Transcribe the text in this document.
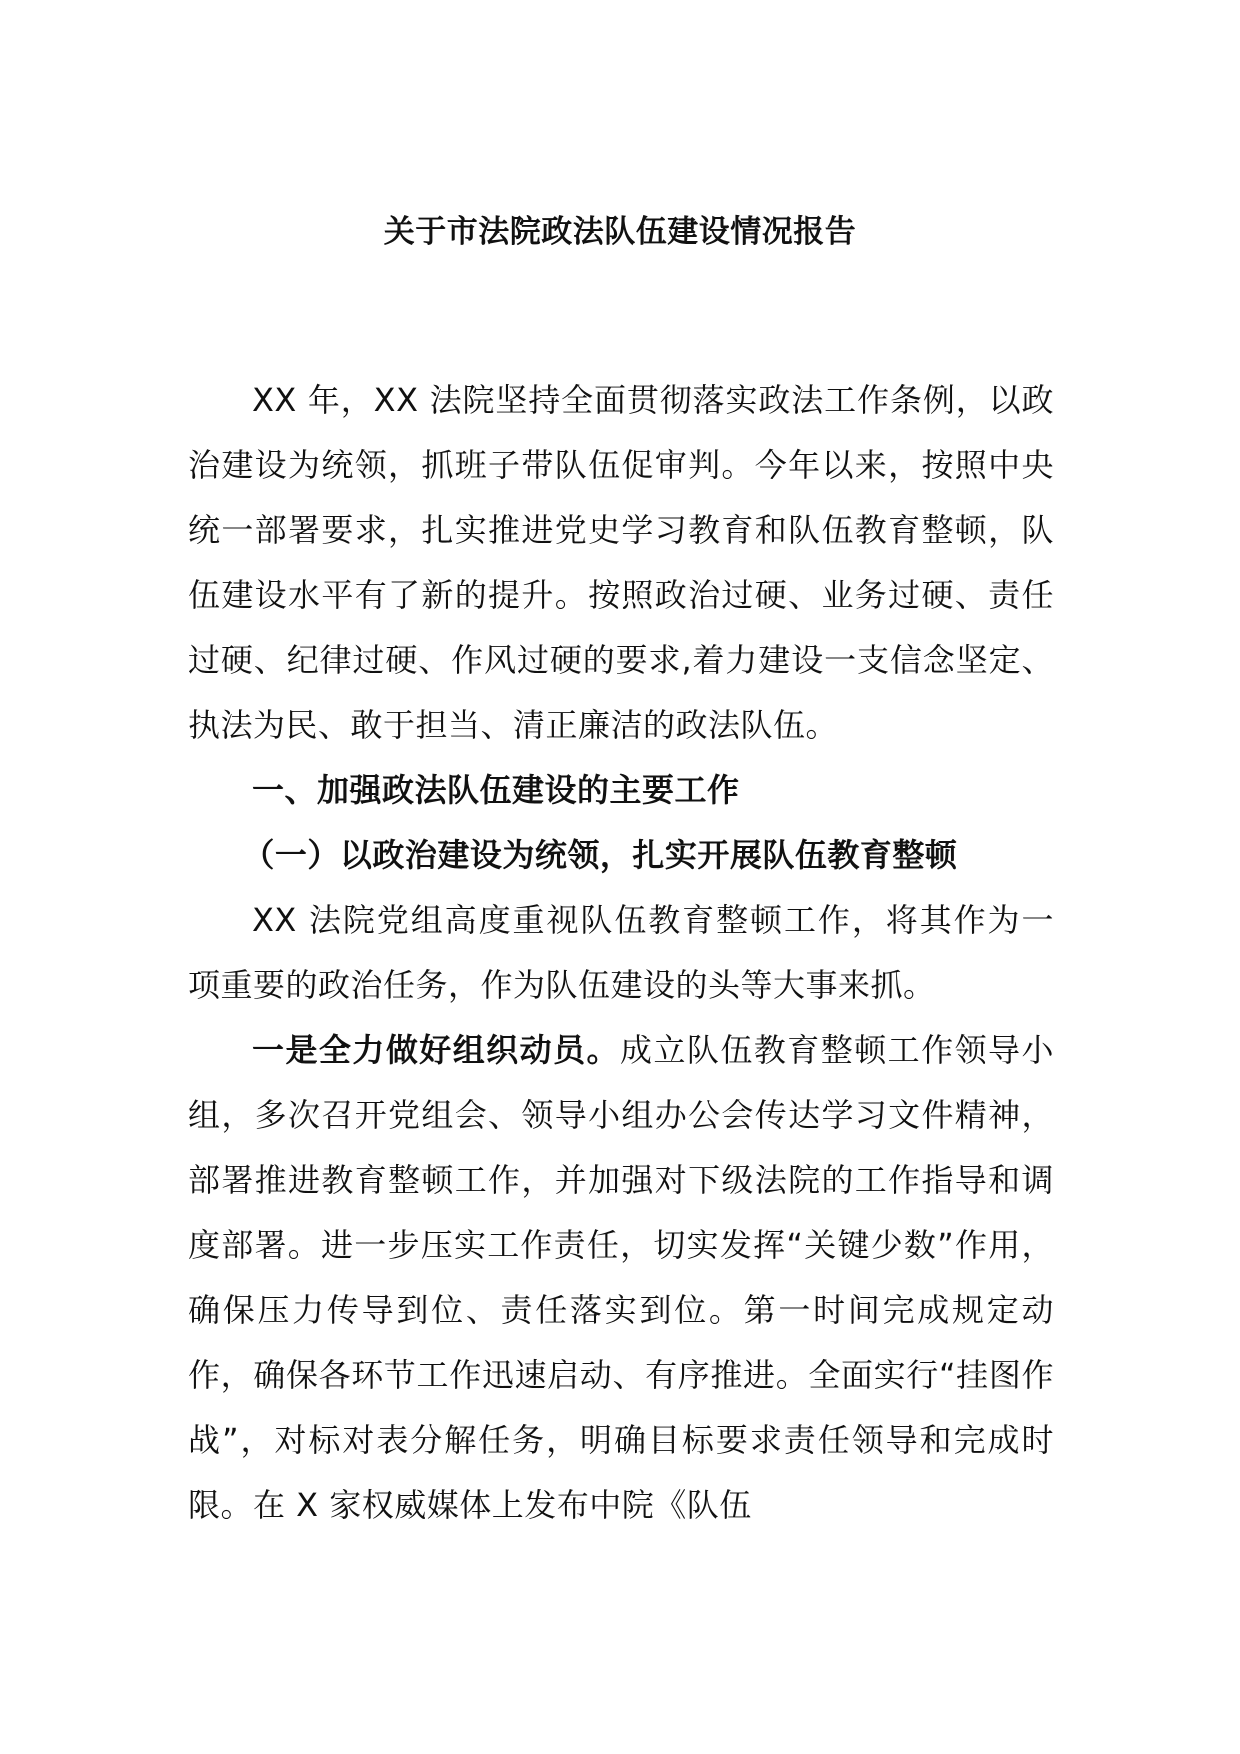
关于市法院政法队伍建设情况报告

XX 年，XX 法院坚持全面贯彻落实政法工作条例，以政治建设为统领，抓班子带队伍促审判。今年以来，按照中央统一部署要求，扎实推进党史学习教育和队伍教育整顿，队伍建设水平有了新的提升。按照政治过硬、业务过硬、责任过硬、纪律过硬、作风过硬的要求,着力建设一支信念坚定、执法为民、敢于担当、清正廉洁的政法队伍。

一、加强政法队伍建设的主要工作

（一）以政治建设为统领，扎实开展队伍教育整顿

XX 法院党组高度重视队伍教育整顿工作，将其作为一项重要的政治任务，作为队伍建设的头等大事来抓。

一是全力做好组织动员。成立队伍教育整顿工作领导小组，多次召开党组会、领导小组办公会传达学习文件精神，部署推进教育整顿工作，并加强对下级法院的工作指导和调度部署。进一步压实工作责任，切实发挥“关键少数”作用，确保压力传导到位、责任落实到位。第一时间完成规定动作，确保各环节工作迅速启动、有序推进。全面实行“挂图作战”，对标对表分解任务，明确目标要求责任领导和完成时限。在 X 家权威媒体上发布中院《队伍
